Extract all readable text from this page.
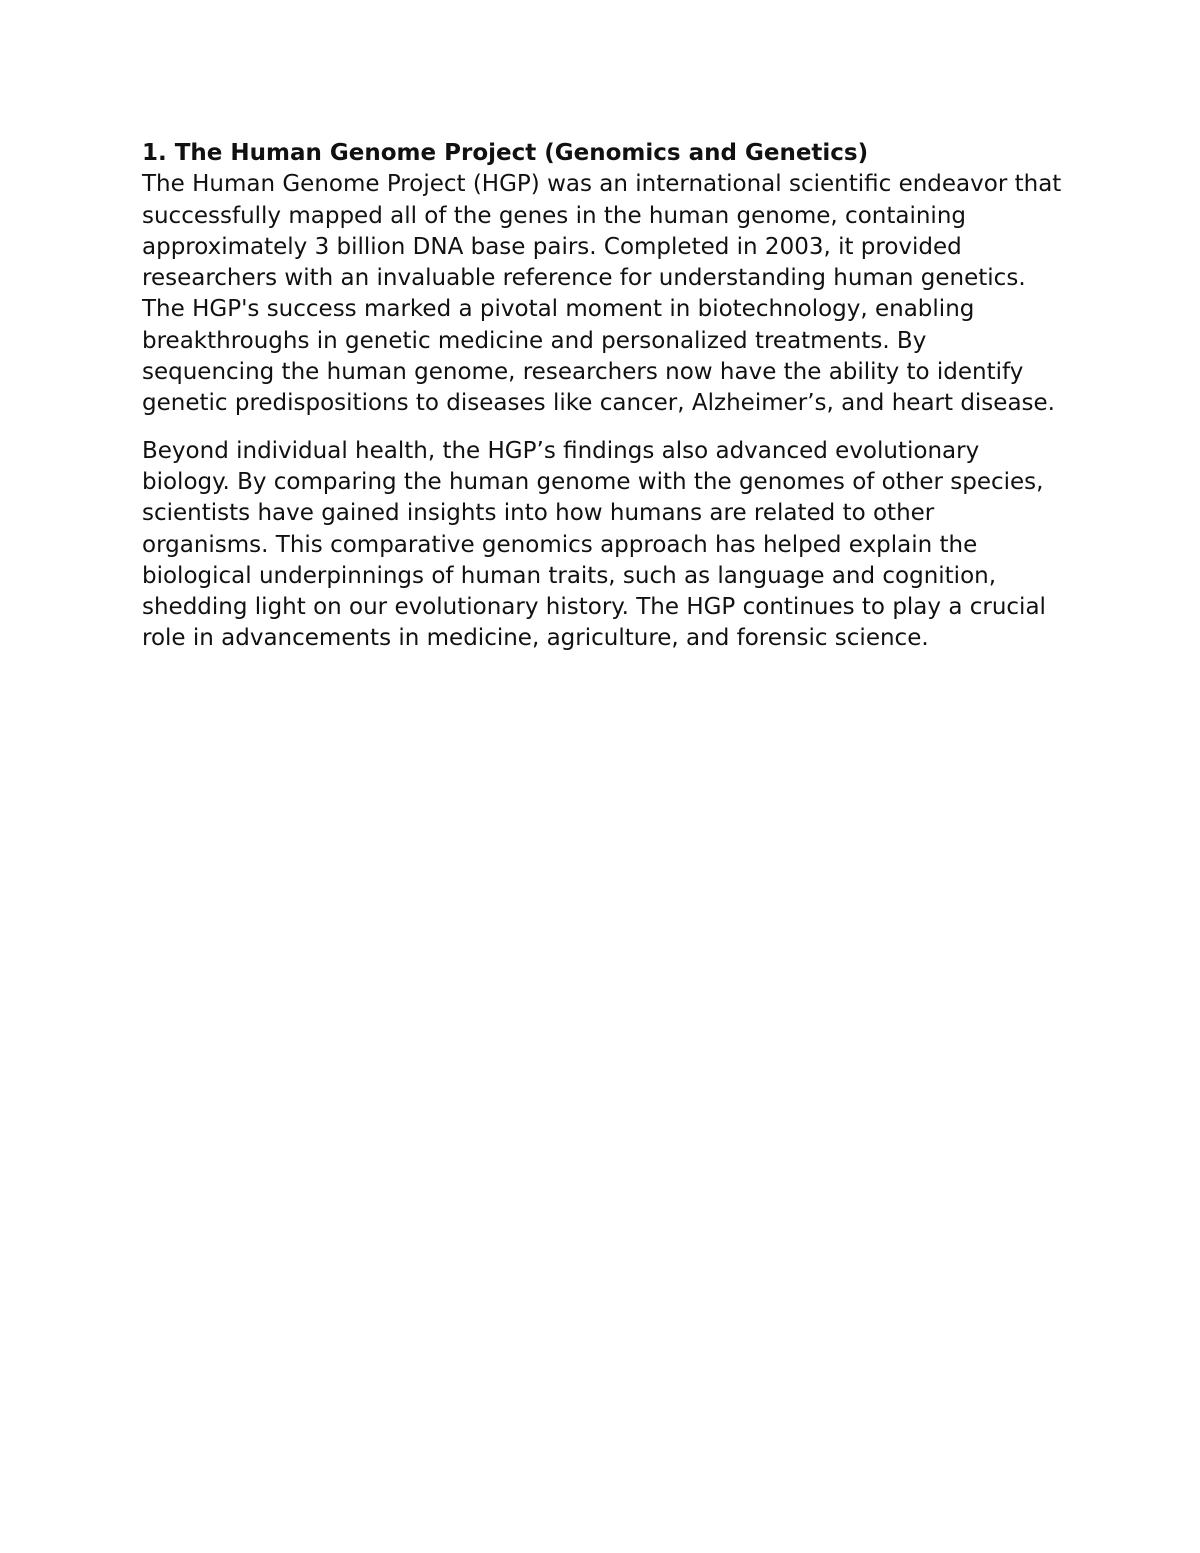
1. The Human Genome Project (Genomics and Genetics)
The Human Genome Project (HGP) was an international scientific endeavor that successfully mapped all of the genes in the human genome, containing approximately 3 billion DNA base pairs. Completed in 2003, it provided researchers with an invaluable reference for understanding human genetics. The HGP's success marked a pivotal moment in biotechnology, enabling breakthroughs in genetic medicine and personalized treatments. By sequencing the human genome, researchers now have the ability to identify genetic predispositions to diseases like cancer, Alzheimer’s, and heart disease.
Beyond individual health, the HGP’s findings also advanced evolutionary biology. By comparing the human genome with the genomes of other species, scientists have gained insights into how humans are related to other organisms. This comparative genomics approach has helped explain the biological underpinnings of human traits, such as language and cognition, shedding light on our evolutionary history. The HGP continues to play a crucial role in advancements in medicine, agriculture, and forensic science.
